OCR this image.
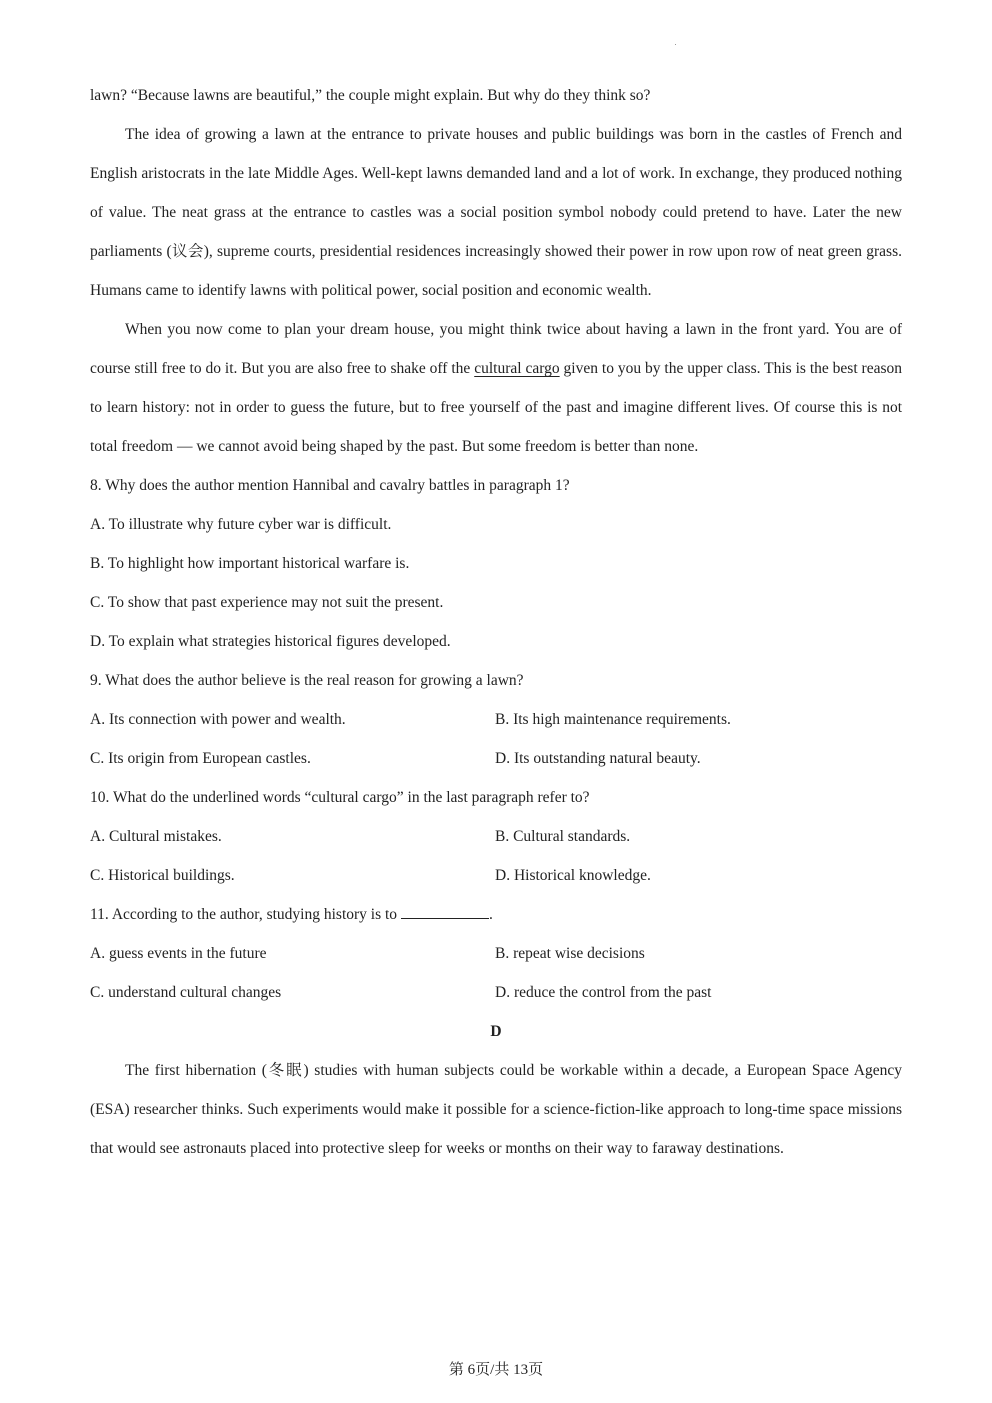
lawn? “Because lawns are beautiful,” the couple might explain. But why do they think so?
The idea of growing a lawn at the entrance to private houses and public buildings was born in the castles of French and English aristocrats in the late Middle Ages. Well-kept lawns demanded land and a lot of work. In exchange, they produced nothing of value. The neat grass at the entrance to castles was a social position symbol nobody could pretend to have. Later the new parliaments (议会), supreme courts, presidential residences increasingly showed their power in row upon row of neat green grass. Humans came to identify lawns with political power, social position and economic wealth.
When you now come to plan your dream house, you might think twice about having a lawn in the front yard. You are of course still free to do it. But you are also free to shake off the cultural cargo given to you by the upper class. This is the best reason to learn history: not in order to guess the future, but to free yourself of the past and imagine different lives. Of course this is not total freedom — we cannot avoid being shaped by the past. But some freedom is better than none.
8. Why does the author mention Hannibal and cavalry battles in paragraph 1?
A. To illustrate why future cyber war is difficult.
B. To highlight how important historical warfare is.
C. To show that past experience may not suit the present.
D. To explain what strategies historical figures developed.
9. What does the author believe is the real reason for growing a lawn?
A. Its connection with power and wealth.	B. Its high maintenance requirements.
C. Its origin from European castles.	D. Its outstanding natural beauty.
10. What do the underlined words “cultural cargo” in the last paragraph refer to?
A. Cultural mistakes.	B. Cultural standards.
C. Historical buildings.	D. Historical knowledge.
11. According to the author, studying history is to	.
A. guess events in the future	B. repeat wise decisions
C. understand cultural changes	D. reduce the control from the past
D
The first hibernation (冬眠) studies with human subjects could be workable within a decade, a European Space Agency (ESA) researcher thinks. Such experiments would make it possible for a science-fiction-like approach to long-time space missions that would see astronauts placed into protective sleep for weeks or months on their way to faraway destinations.
第 6页/共 13页
